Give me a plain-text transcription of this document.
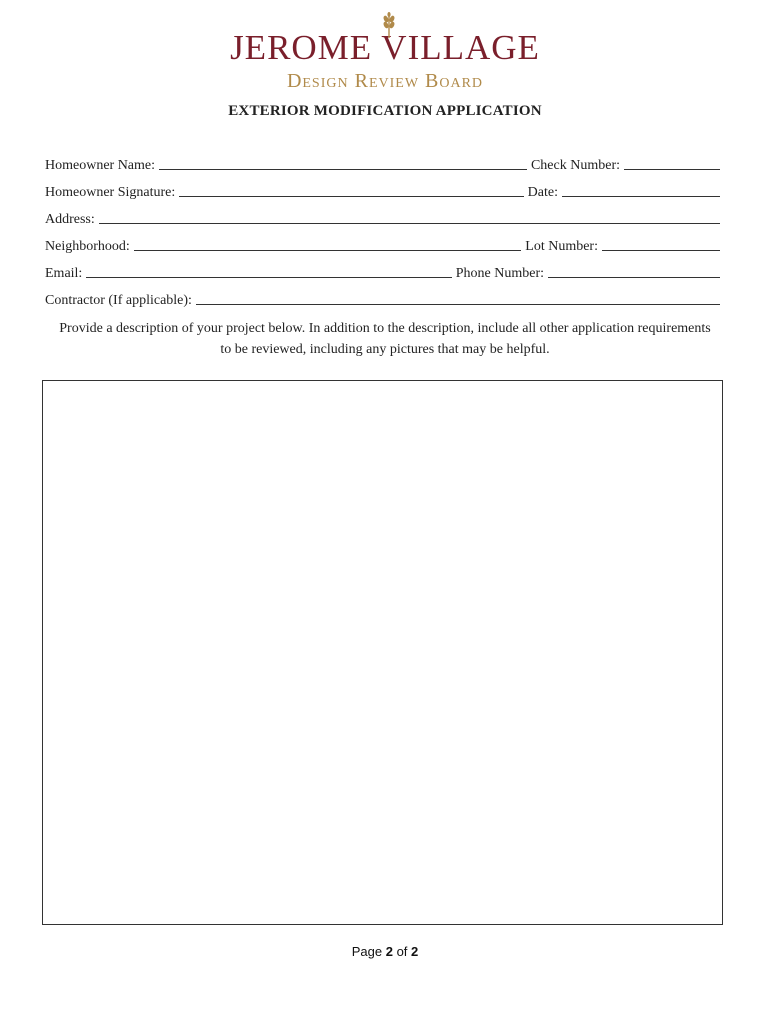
JEROME VILLAGE
Design Review Board
EXTERIOR MODIFICATION APPLICATION
Homeowner Name:	Check Number:
Homeowner Signature:	Date:
Address:
Neighborhood:	Lot Number:
Email:	Phone Number:
Contractor (If applicable):
Provide a description of your project below. In addition to the description, include all other application requirements to be reviewed, including any pictures that may be helpful.
Page 2 of 2
